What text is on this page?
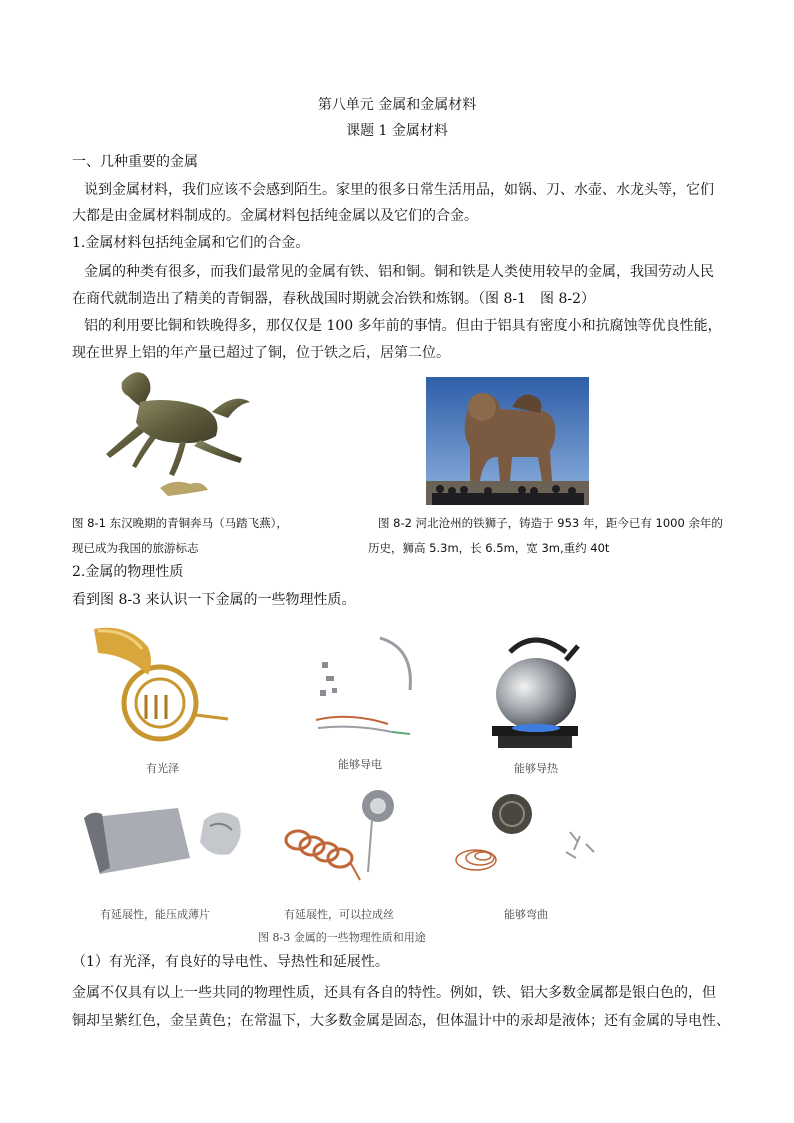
第八单元 金属和金属材料
课题 1 金属材料
一、几种重要的金属
说到金属材料，我们应该不会感到陌生。家里的很多日常生活用品，如锅、刀、水壶、水龙头等，它们
大都是由金属材料制成的。金属材料包括纯金属以及它们的合金。
1.金属材料包括纯金属和它们的合金。
金属的种类有很多，而我们最常见的金属有铁、铝和铜。铜和铁是人类使用较早的金属，我国劳动人民
在商代就制造出了精美的青铜器，春秋战国时期就会冶铁和炼钢。（图 8-1　图 8-2）
铝的利用要比铜和铁晚得多，那仅仅是 100 多年前的事情。但由于铝具有密度小和抗腐蚀等优良性能，
现在世界上铝的年产量已超过了铜，位于铁之后，居第二位。
图 8-1 东汉晚期的青铜奔马（马踏飞燕），
现已成为我国的旅游标志
图 8-2 河北沧州的铁狮子，铸造于 953 年，距今已有 1000 余年的
历史，狮高 5.3m，长 6.5m，宽 3m,重约 40t
2.金属的物理性质
看到图 8-3 来认识一下金属的一些物理性质。
有光泽	能够导电	能够导热
有延展性，能压成薄片	有延展性，可以拉成丝	能够弯曲
图 8-3 金属的一些物理性质和用途
（1）有光泽，有良好的导电性、导热性和延展性。
金属不仅具有以上一些共同的物理性质，还具有各自的特性。例如，铁、铝大多数金属都是银白色的，但
铜却呈紫红色，金呈黄色；在常温下，大多数金属是固态，但体温计中的汞却是液体；还有金属的导电性、
